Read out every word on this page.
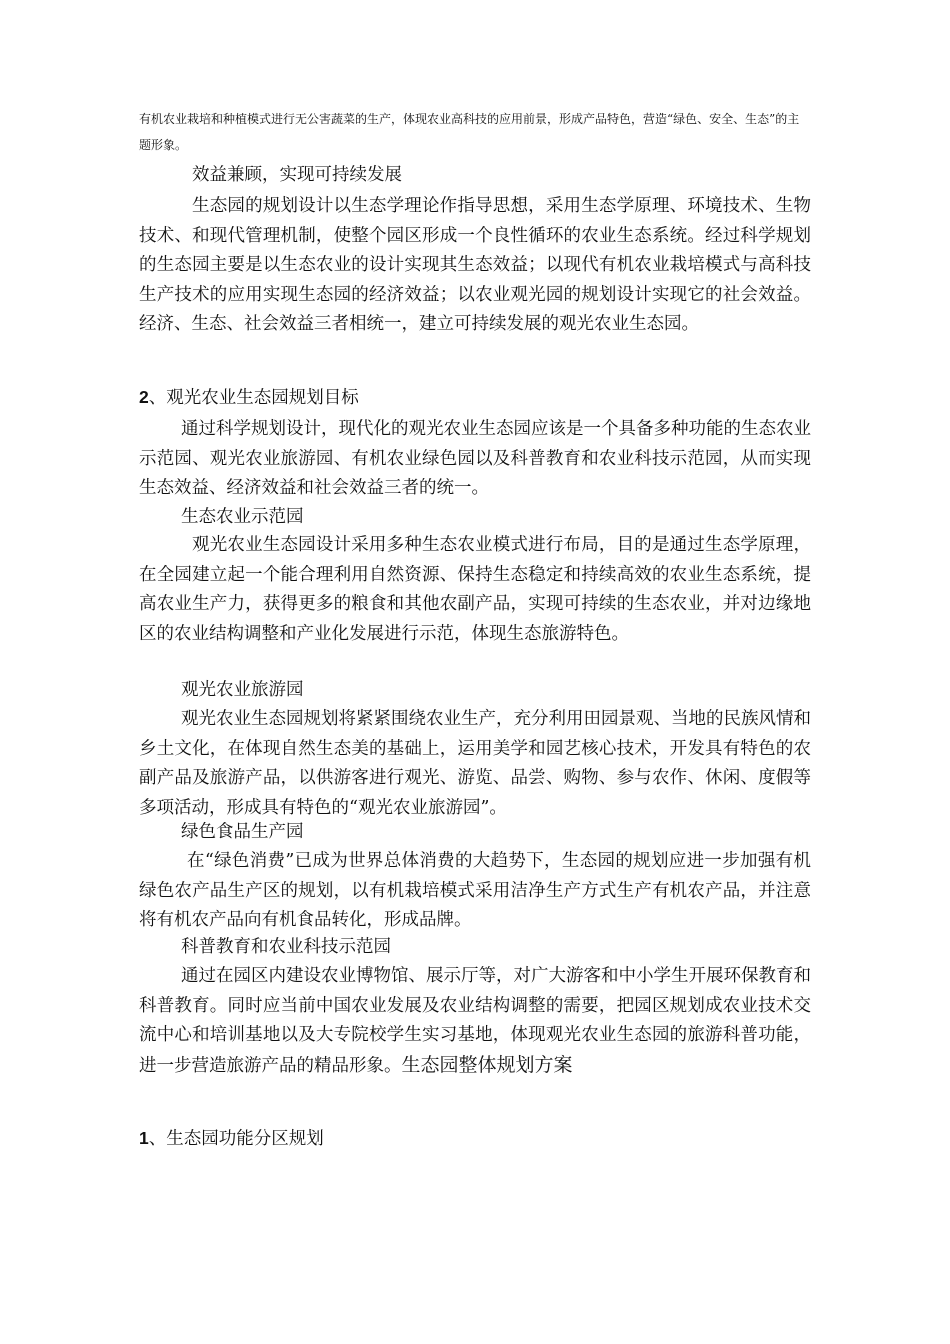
有机农业栽培和种植模式进行无公害蔬菜的生产，体现农业高科技的应用前景，形成产品特色，营造“绿色、安全、生态”的主题形象。

效益兼顾，实现可持续发展

生态园的规划设计以生态学理论作指导思想，采用生态学原理、环境技术、生物技术、和现代管理机制，使整个园区形成一个良性循环的农业生态系统。经过科学规划的生态园主要是以生态农业的设计实现其生态效益；以现代有机农业栽培模式与高科技生产技术的应用实现生态园的经济效益；以农业观光园的规划设计实现它的社会效益。经济、生态、社会效益三者相统一，建立可持续发展的观光农业生态园。

2、观光农业生态园规划目标

通过科学规划设计，现代化的观光农业生态园应该是一个具备多种功能的生态农业示范园、观光农业旅游园、有机农业绿色园以及科普教育和农业科技示范园，从而实现生态效益、经济效益和社会效益三者的统一。

生态农业示范园

观光农业生态园设计采用多种生态农业模式进行布局，目的是通过生态学原理，在全园建立起一个能合理利用自然资源、保持生态稳定和持续高效的农业生态系统，提高农业生产力，获得更多的粮食和其他农副产品，实现可持续的生态农业，并对边缘地区的农业结构调整和产业化发展进行示范，体现生态旅游特色。

观光农业旅游园

观光农业生态园规划将紧紧围绕农业生产，充分利用田园景观、当地的民族风情和乡土文化，在体现自然生态美的基础上，运用美学和园艺核心技术，开发具有特色的农副产品及旅游产品，以供游客进行观光、游览、品尝、购物、参与农作、休闲、度假等多项活动，形成具有特色的“观光农业旅游园”。

绿色食品生产园

在“绿色消费”已成为世界总体消费的大趋势下，生态园的规划应进一步加强有机绿色农产品生产区的规划，以有机栽培模式采用洁净生产方式生产有机农产品，并注意将有机农产品向有机食品转化，形成品牌。

科普教育和农业科技示范园

通过在园区内建设农业博物馆、展示厅等，对广大游客和中小学生开展环保教育和科普教育。同时应当前中国农业发展及农业结构调整的需要，把园区规划成农业技术交流中心和培训基地以及大专院校学生实习基地，体现观光农业生态园的旅游科普功能，进一步营造旅游产品的精品形象。生态园整体规划方案

1、生态园功能分区规划
